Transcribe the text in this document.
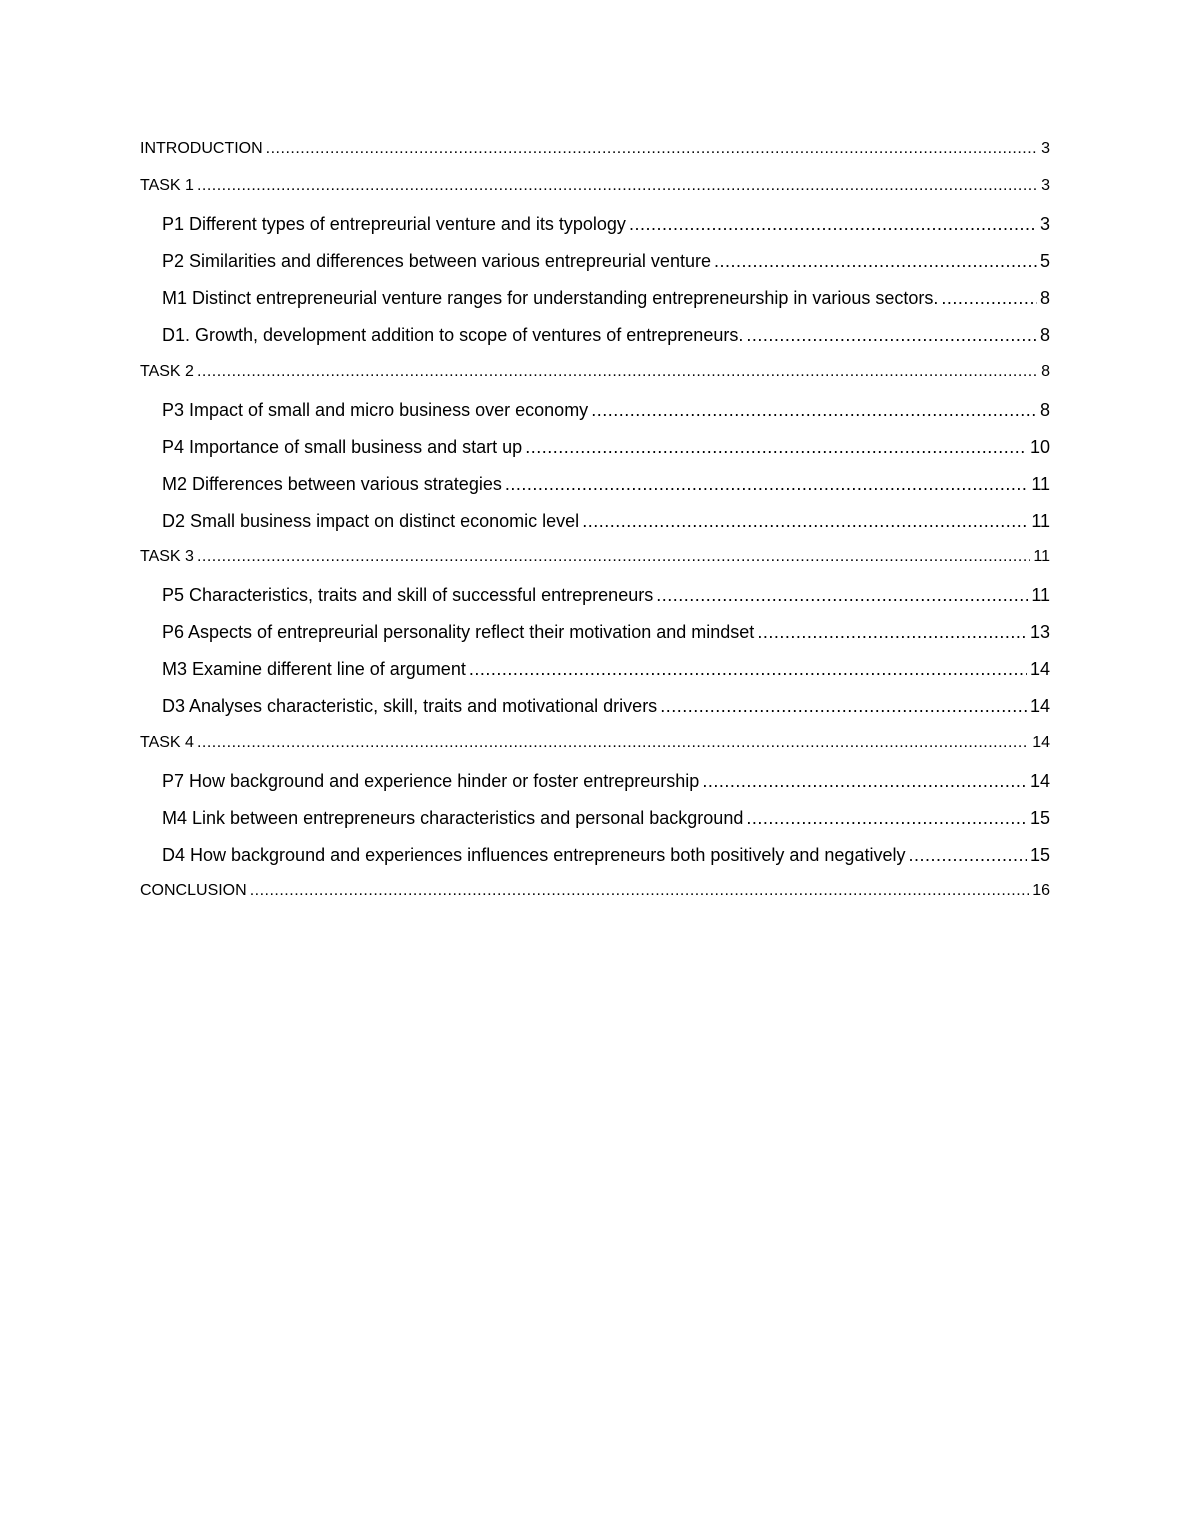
INTRODUCTION .....	3
TASK 1 .....	3
P1 Different types of entrepreurial venture and its typology .....	3
P2 Similarities and differences between various entrepreurial venture .....	5
M1 Distinct entrepreneurial venture ranges for understanding entrepreneurship in various sectors. .....	8
D1. Growth, development addition to scope of ventures of entrepreneurs. .....	8
TASK 2 .....	8
P3 Impact of small and micro business over economy .....	8
P4 Importance of small business and start up .....	10
M2 Differences between various strategies .....	11
D2 Small business impact on distinct economic level .....	11
TASK 3 .....	11
P5 Characteristics, traits and skill of successful entrepreneurs .....	11
P6 Aspects of entrepreurial personality reflect their motivation and mindset .....	13
M3 Examine different line of argument .....	14
D3 Analyses characteristic, skill, traits and motivational drivers .....	14
TASK 4 .....	14
P7 How background and experience hinder or foster entrepreurship .....	14
M4 Link between entrepreneurs characteristics and personal background .....	15
D4 How background and experiences influences entrepreneurs both positively and negatively .....	15
CONCLUSION .....	16
